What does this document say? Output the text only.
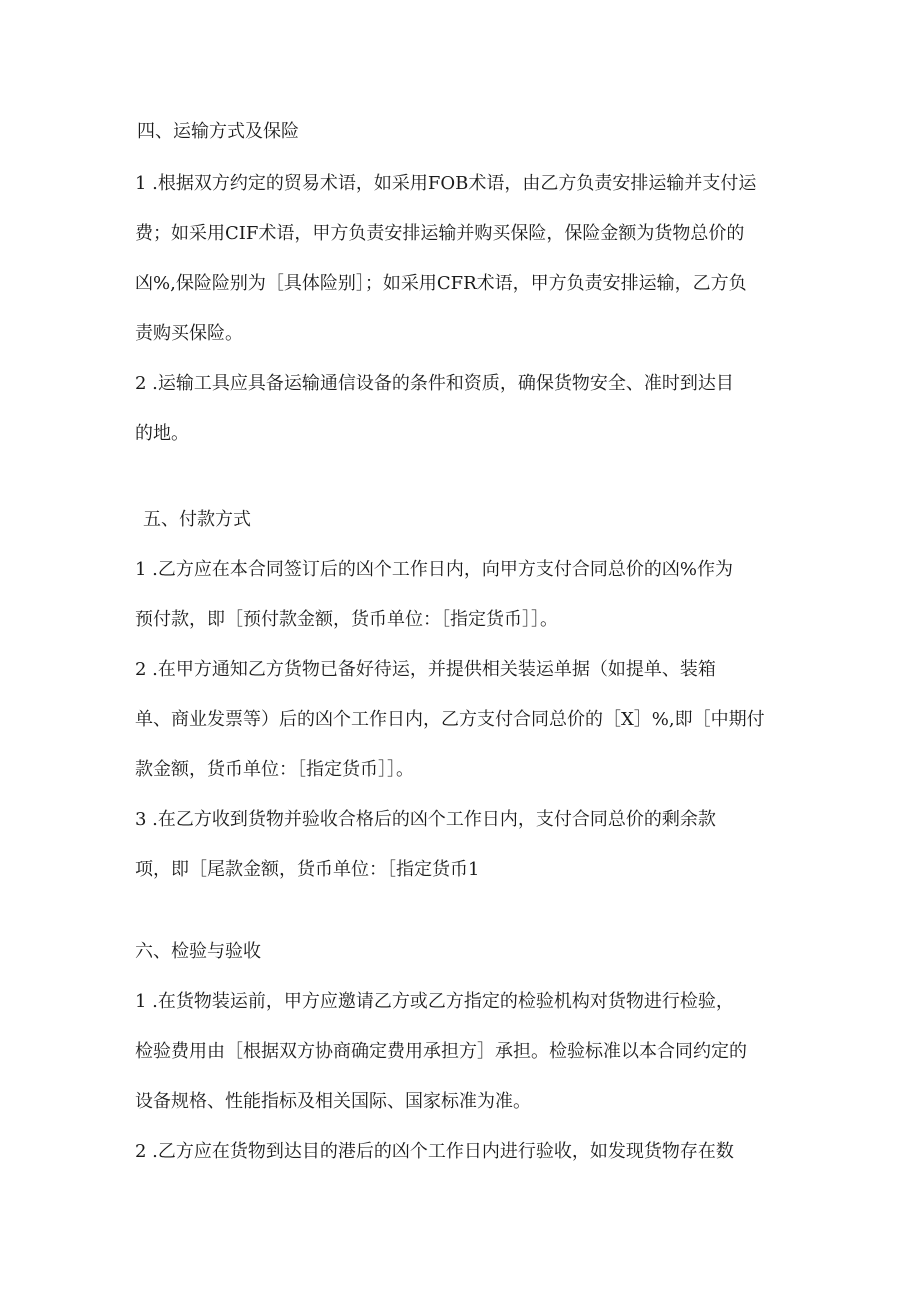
四、运输方式及保险

1 .根据双方约定的贸易术语，如采用FOB术语，由乙方负责安排运输并支付运
费；如采用CIF术语，甲方负责安排运输并购买保险，保险金额为货物总价的
凶%,保险险别为［具体险别］；如采用CFR术语，甲方负责安排运输，乙方负
责购买保险。
2 .运输工具应具备运输通信设备的条件和资质，确保货物安全、准时到达目
的地。

五、付款方式

1 .乙方应在本合同签订后的凶个工作日内，向甲方支付合同总价的凶%作为
预付款，即［预付款金额，货币单位：［指定货币］］。
2 .在甲方通知乙方货物已备好待运，并提供相关装运单据（如提单、装箱
单、商业发票等）后的凶个工作日内，乙方支付合同总价的［X］%,即［中期付
款金额，货币单位：［指定货币］］。
3 .在乙方收到货物并验收合格后的凶个工作日内，支付合同总价的剩余款
项，即［尾款金额，货币单位：［指定货币1

六、检验与验收

1 .在货物装运前，甲方应邀请乙方或乙方指定的检验机构对货物进行检验，
检验费用由［根据双方协商确定费用承担方］承担。检验标准以本合同约定的
设备规格、性能指标及相关国际、国家标准为准。
2 .乙方应在货物到达目的港后的凶个工作日内进行验收，如发现货物存在数
